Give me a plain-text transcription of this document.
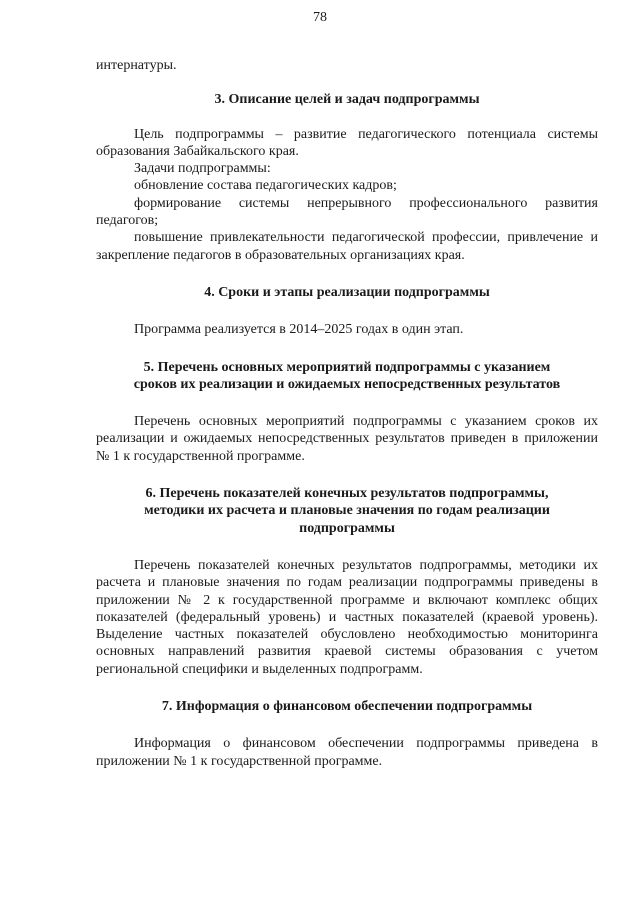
78

интернатуры.

3. Описание целей и задач подпрограммы

Цель подпрограммы – развитие педагогического потенциала системы образования Забайкальского края.

Задачи подпрограммы:

обновление состава педагогических кадров;

формирование системы непрерывного профессионального развития педагогов;

повышение привлекательности педагогической профессии, привлечение и закрепление педагогов в образовательных организациях края.

4. Сроки и этапы реализации подпрограммы

Программа реализуется в 2014–2025 годах в один этап.

5. Перечень основных мероприятий подпрограммы с указанием
сроков их реализации и ожидаемых непосредственных результатов

Перечень основных мероприятий подпрограммы с указанием сроков их реализации и ожидаемых непосредственных результатов приведен в приложении № 1 к государственной программе.

6. Перечень показателей конечных результатов подпрограммы,
методики их расчета и плановые значения по годам реализации
подпрограммы

Перечень показателей конечных результатов подпрограммы, методики их расчета и плановые значения по годам реализации подпрограммы приведены в приложении № 2 к государственной программе и включают комплекс общих показателей (федеральный уровень) и частных показателей (краевой уровень). Выделение частных показателей обусловлено необходимостью мониторинга основных направлений развития краевой системы образования с учетом региональной специфики и выделенных подпрограмм.

7. Информация о финансовом обеспечении подпрограммы

Информация о финансовом обеспечении подпрограммы приведена в приложении № 1 к государственной программе.
